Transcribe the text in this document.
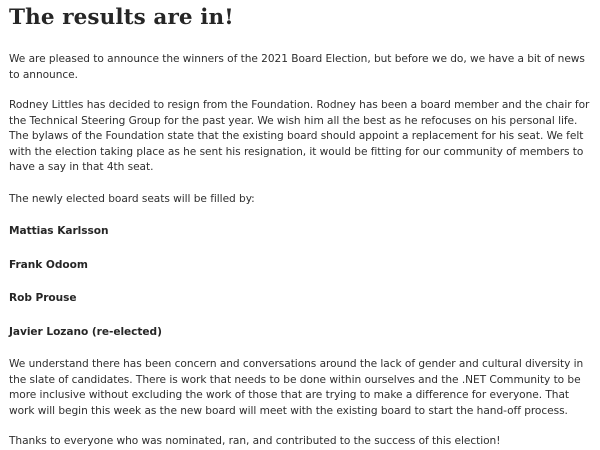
The results are in!

We are pleased to announce the winners of the 2021 Board Election, but before we do, we have a bit of news to announce.

Rodney Littles has decided to resign from the Foundation. Rodney has been a board member and the chair for the Technical Steering Group for the past year. We wish him all the best as he refocuses on his personal life. The bylaws of the Foundation state that the existing board should appoint a replacement for his seat. We felt with the election taking place as he sent his resignation, it would be fitting for our community of members to have a say in that 4th seat.

The newly elected board seats will be filled by:

Mattias Karlsson

Frank Odoom

Rob Prouse

Javier Lozano (re-elected)

We understand there has been concern and conversations around the lack of gender and cultural diversity in the slate of candidates. There is work that needs to be done within ourselves and the .NET Community to be more inclusive without excluding the work of those that are trying to make a difference for everyone. That work will begin this week as the new board will meet with the existing board to start the hand-off process.

Thanks to everyone who was nominated, ran, and contributed to the success of this election!
